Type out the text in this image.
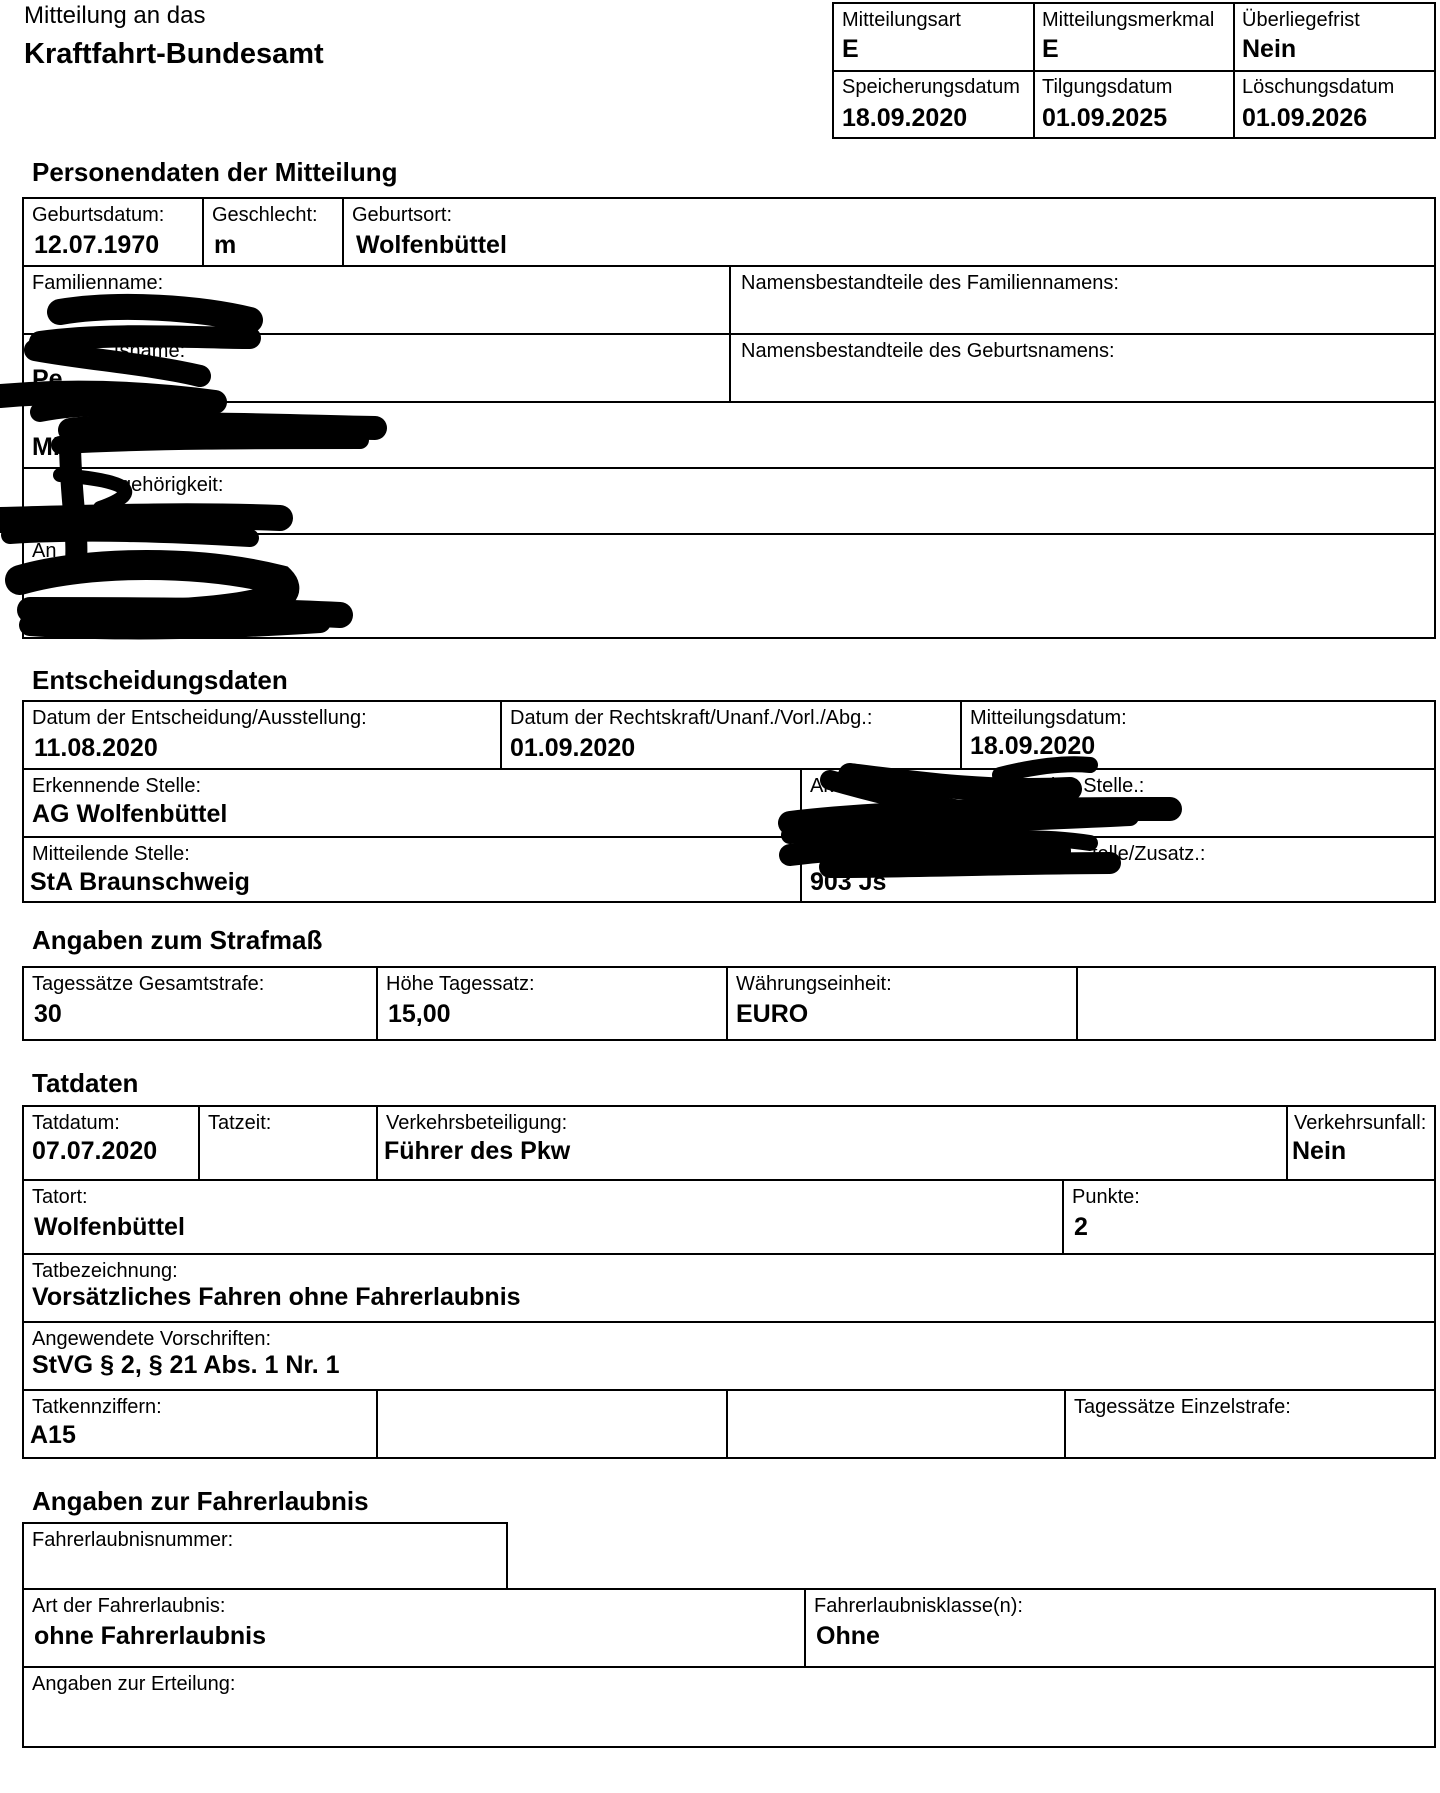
Mitteilung an das
Kraftfahrt-Bundesamt
Mitteilungsart
E
Mitteilungsmerkmal
E
Überliegefrist
Nein
Speicherungsdatum
18.09.2020
Tilgungsdatum
01.09.2025
Löschungsdatum
01.09.2026
Personendaten der Mitteilung
Geburtsdatum:
12.07.1970
Geschlecht:
m
Geburtsort:
Wolfenbüttel
Familienname:	Namensbestandteile des Familiennamens:
tsname:
Pe
Namensbestandteile des Geburtsnamens:
Mi
gehörigkeit:
An
Entscheidungsdaten
Datum der Entscheidung/Ausstellung:
11.08.2020
Datum der Rechtskraft/Unanf./Vorl./Abg.:
01.09.2020
Mitteilungsdatum:
18.09.2020
Erkennende Stelle:
AG Wolfenbüttel
Akt	rkennenden Stelle.:
Mitteilende Stelle:
StA Braunschweig
telle/Zusatz.:
903 Js
Angaben zum Strafmaß
Tagessätze Gesamtstrafe:
30
Höhe Tagessatz:
15,00
Währungseinheit:
EURO
Tatdaten
Tatdatum:
07.07.2020
Tatzeit:	Verkehrsbeteiligung:
Führer des Pkw
Verkehrsunfall:
Nein
Tatort:
Wolfenbüttel
Punkte:
2
Tatbezeichnung:
Vorsätzliches Fahren ohne Fahrerlaubnis
Angewendete Vorschriften:
StVG § 2, § 21 Abs. 1 Nr. 1
Tatkennziffern:
A15
Tagessätze Einzelstrafe:
Angaben zur Fahrerlaubnis
Fahrerlaubnisnummer:
Art der Fahrerlaubnis:
ohne Fahrerlaubnis
Fahrerlaubnisklasse(n):
Ohne
Angaben zur Erteilung:
